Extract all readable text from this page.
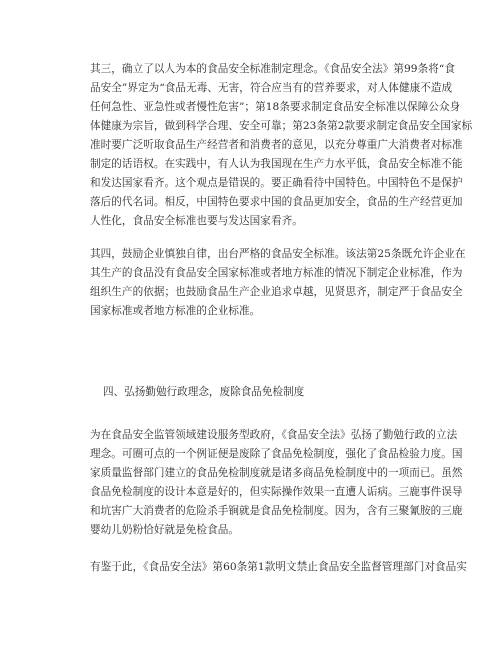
其三，确立了以人为本的食品安全标准制定理念。《食品安全法》第99条将“食
品安全”界定为“食品无毒、无害，符合应当有的营养要求，对人体健康不造成
任何急性、亚急性或者慢性危害”；第18条要求制定食品安全标准以保障公众身
体健康为宗旨，做到科学合理、安全可靠；第23条第2款要求制定食品安全国家标
准时要广泛听取食品生产经营者和消费者的意见，以充分尊重广大消费者对标准
制定的话语权。在实践中，有人认为我国现在生产力水平低，食品安全标准不能
和发达国家看齐。这个观点是错误的。要正确看待中国特色。中国特色不是保护
落后的代名词。相反，中国特色要求中国的食品更加安全，食品的生产经营更加
人性化，食品安全标准也要与发达国家看齐。
其四，鼓励企业慎独自律，出台严格的食品安全标准。该法第25条既允许企业在
其生产的食品没有食品安全国家标准或者地方标准的情况下制定企业标准，作为
组织生产的依据；也鼓励食品生产企业追求卓越，见贤思齐，制定严于食品安全
国家标准或者地方标准的企业标准。
四、弘扬勤勉行政理念，废除食品免检制度
为在食品安全监管领域建设服务型政府，《食品安全法》弘扬了勤勉行政的立法
理念。可圈可点的一个例证便是废除了食品免检制度，强化了食品检验力度。国
家质量监督部门建立的食品免检制度就是诸多商品免检制度中的一项而已。虽然
食品免检制度的设计本意是好的，但实际操作效果一直遭人诟病。三鹿事件误导
和坑害广大消费者的危险杀手锏就是食品免检制度。因为，含有三聚氰胺的三鹿
婴幼儿奶粉恰好就是免检食品。
有鉴于此，《食品安全法》第60条第1款明文禁止食品安全监督管理部门对食品实
